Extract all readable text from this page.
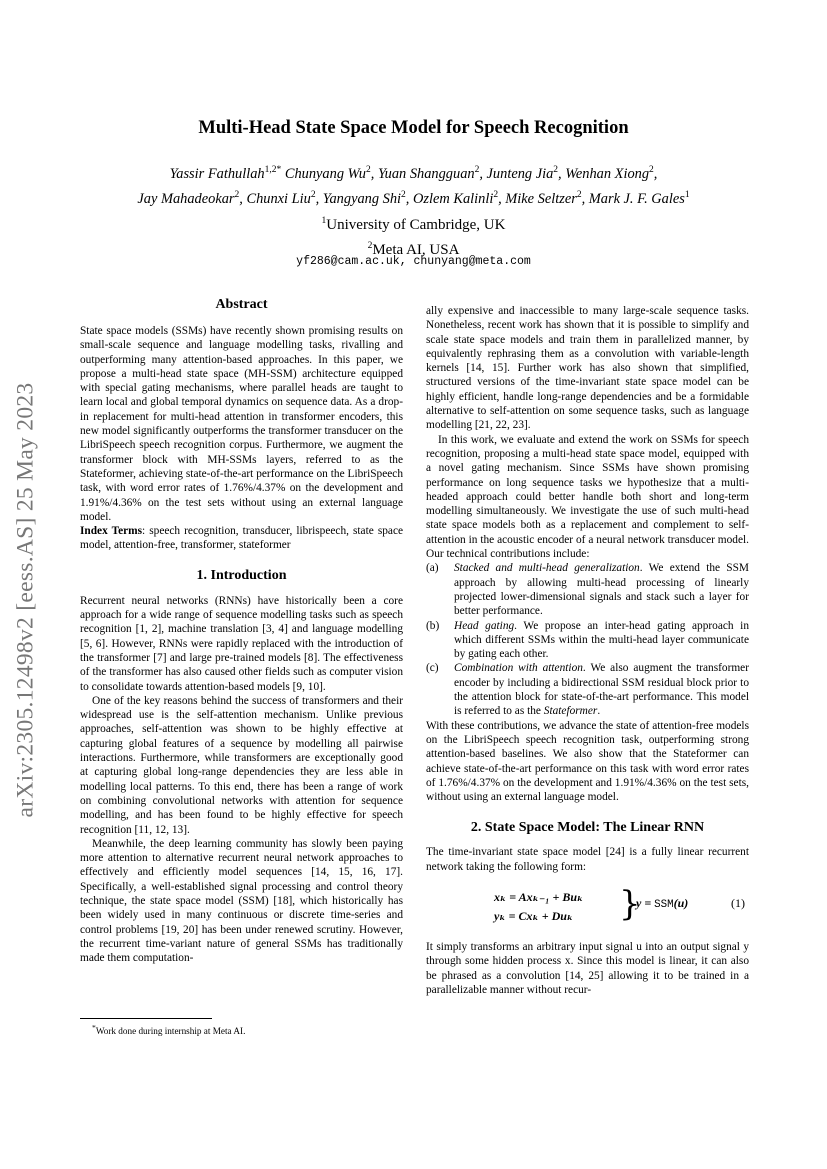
arXiv:2305.12498v2 [eess.AS] 25 May 2023
Multi-Head State Space Model for Speech Recognition
Yassir Fathullah$^{1,2*}$ Chunyang Wu$^2$, Yuan Shangguan$^2$, Junteng Jia$^2$, Wenhan Xiong$^2$,
Jay Mahadeokar$^2$, Chunxi Liu$^2$, Yangyang Shi$^2$, Ozlem Kalinli$^2$, Mike Seltzer$^2$, Mark J. F. Gales$^1$
$^1$University of Cambridge, UK
$^2$Meta AI, USA
yf286@cam.ac.uk, chunyang@meta.com
Abstract

State space models (SSMs) have recently shown promising results on small-scale sequence and language modelling tasks, rivalling and outperforming many attention-based approaches. In this paper, we propose a multi-head state space (MH-SSM) architecture equipped with special gating mechanisms, where parallel heads are taught to learn local and global temporal dynamics on sequence data. As a drop-in replacement for multi-head attention in transformer encoders, this new model significantly outperforms the transformer transducer on the LibriSpeech speech recognition corpus. Furthermore, we augment the transformer block with MH-SSMs layers, referred to as the Stateformer, achieving state-of-the-art performance on the LibriSpeech task, with word error rates of 1.76%/4.37% on the development and 1.91%/4.36% on the test sets without using an external language model.

Index Terms: speech recognition, transducer, librispeech, state space model, attention-free, transformer, stateformer

1. Introduction

Recurrent neural networks (RNNs) have historically been a core approach for a wide range of sequence modelling tasks such as speech recognition [1, 2], machine translation [3, 4] and language modelling [5, 6]. However, RNNs were rapidly replaced with the introduction of the transformer [7] and large pre-trained models [8]. The effectiveness of the transformer has also caused other fields such as computer vision to consolidate towards attention-based models [9, 10].

One of the key reasons behind the success of transformers and their widespread use is the self-attention mechanism. Unlike previous approaches, self-attention was shown to be highly effective at capturing global features of a sequence by modelling all pairwise interactions. Furthermore, while transformers are exceptionally good at capturing global long-range dependencies they are less able in modelling local patterns. To this end, there has been a range of work on combining convolutional networks with attention for sequence modelling, and has been found to be highly effective for speech recognition [11, 12, 13].

Meanwhile, the deep learning community has slowly been paying more attention to alternative recurrent neural network approaches to effectively and efficiently model sequences [14, 15, 16, 17]. Specifically, a well-established signal processing and control theory technique, the state space model (SSM) [18], which historically has been widely used in many continuous or discrete time-series and control problems [19, 20] has been under renewed scrutiny. However, the recurrent time-variant nature of general SSMs has traditionally made them computation-

ally expensive and inaccessible to many large-scale sequence tasks. Nonetheless, recent work has shown that it is possible to simplify and scale state space models and train them in parallelized manner, by equivalently rephrasing them as a convolution with variable-length kernels [14, 15]. Further work has also shown that simplified, structured versions of the time-invariant state space model can be highly efficient, handle long-range dependencies and be a formidable alternative to self-attention on some sequence tasks, such as language modelling [21, 22, 23].

In this work, we evaluate and extend the work on SSMs for speech recognition, proposing a multi-head state space model, equipped with a novel gating mechanism. Since SSMs have shown promising performance on long sequence tasks we hypothesize that a multi-headed approach could better handle both short and long-term modelling simultaneously. We investigate the use of such multi-head state space models both as a replacement and complement to self-attention in the acoustic encoder of a neural network transducer model. Our technical contributions include:

(a) Stacked and multi-head generalization. We extend the SSM approach by allowing multi-head processing of linearly projected lower-dimensional signals and stack such a layer for better performance.
(b) Head gating. We propose an inter-head gating approach in which different SSMs within the multi-head layer communicate by gating each other.
(c) Combination with attention. We also augment the transformer encoder by including a bidirectional SSM residual block prior to the attention block for state-of-the-art performance. This model is referred to as the Stateformer.

With these contributions, we advance the state of attention-free models on the LibriSpeech speech recognition task, outperforming strong attention-based baselines. We also show that the Stateformer can achieve state-of-the-art performance on this task with word error rates of 1.76%/4.37% on the development and 1.91%/4.36% on the test sets, without using an external language model.

2. State Space Model: The Linear RNN

The time-invariant state space model [24] is a fully linear recurrent network taking the following form:

xₖ = Axₖ₋₁ + Buₖ
yₖ = Cxₖ + Duₖ }
y = SSM(u)	(1)

It simply transforms an arbitrary input signal u into an output signal y through some hidden process x. Since this model is linear, it can also be phrased as a convolution [14, 25] allowing it to be trained in a parallelizable manner without recur-

*Work done during internship at Meta AI.
